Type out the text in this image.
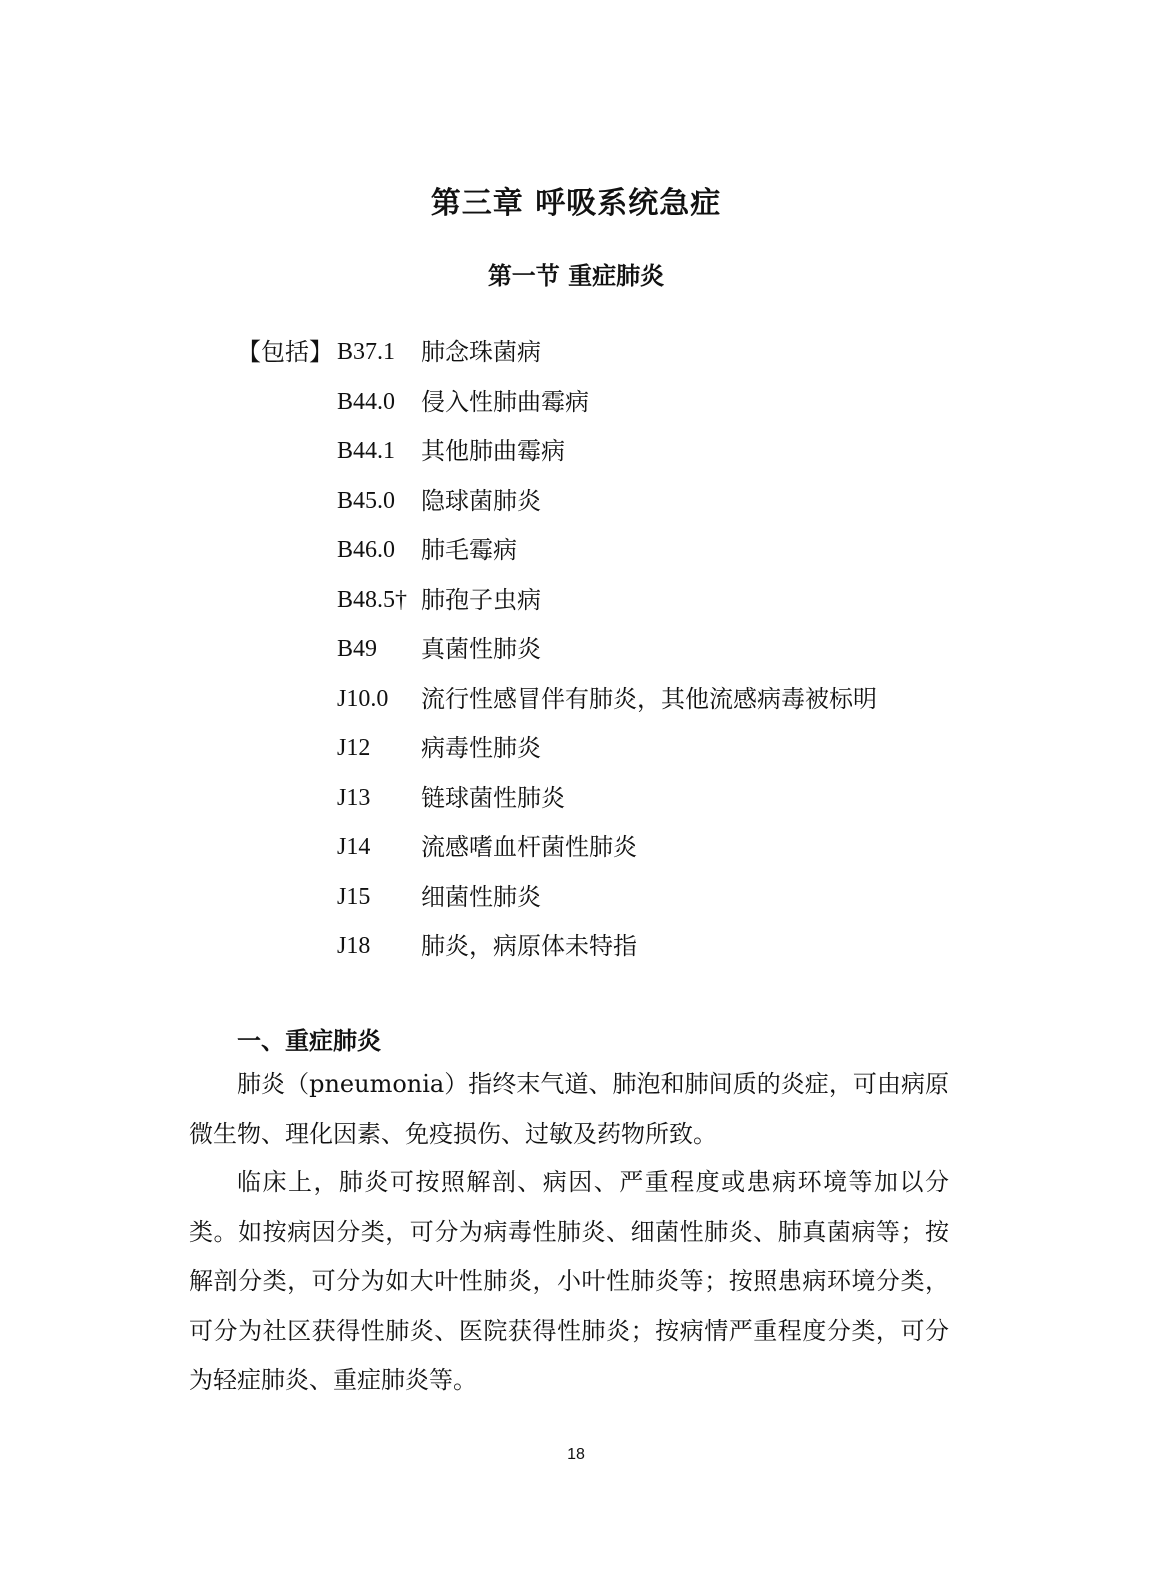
第三章 呼吸系统急症
第一节 重症肺炎
【包括】 B37.1	肺念珠菌病
B44.0	侵入性肺曲霉病
B44.1	其他肺曲霉病
B45.0	隐球菌肺炎
B46.0	肺毛霉病
B48.5† 肺孢子虫病
B49	真菌性肺炎
J10.0	流行性感冒伴有肺炎，其他流感病毒被标明
J12	病毒性肺炎
J13	链球菌性肺炎
J14	流感嗜血杆菌性肺炎
J15	细菌性肺炎
J18	肺炎，病原体未特指
一、重症肺炎

肺炎（pneumonia）指终末气道、肺泡和肺间质的炎症，可由病原微生物、理化因素、免疫损伤、过敏及药物所致。

临床上，肺炎可按照解剖、病因、严重程度或患病环境等加以分类。如按病因分类，可分为病毒性肺炎、细菌性肺炎、肺真菌病等；按解剖分类，可分为如大叶性肺炎，小叶性肺炎等；按照患病环境分类，可分为社区获得性肺炎、医院获得性肺炎；按病情严重程度分类，可分为轻症肺炎、重症肺炎等。

18
